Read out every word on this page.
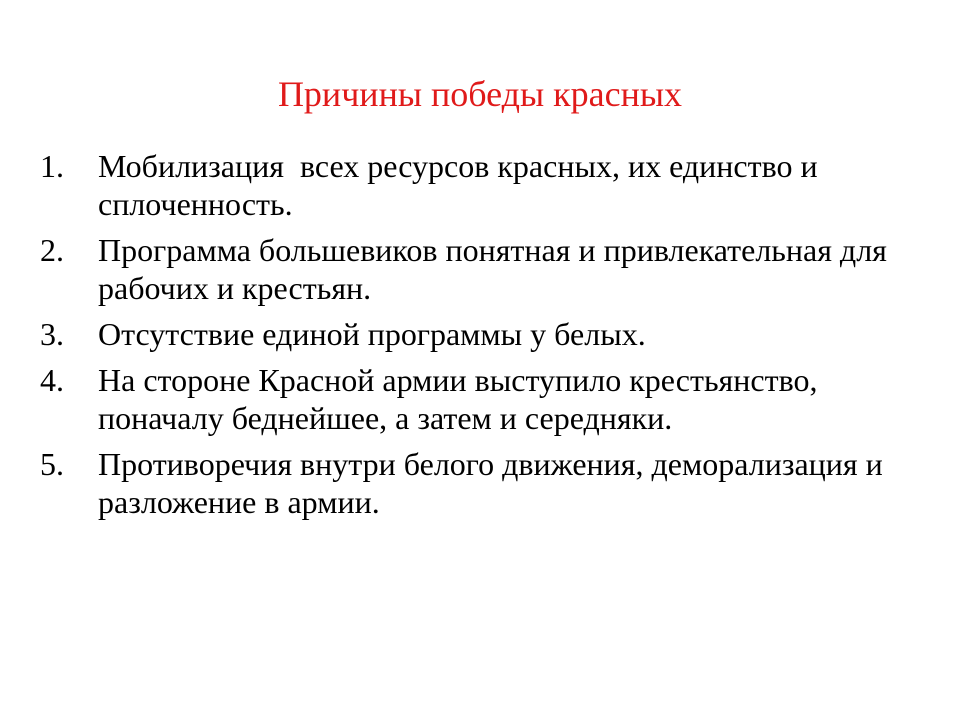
Причины победы красных
1.	Мобилизация  всех ресурсов красных, их единство и сплоченность.
2.	Программа большевиков понятная и привлекательная для рабочих и крестьян.
3.	Отсутствие единой программы у белых.
4.	На стороне Красной армии выступило крестьянство, поначалу беднейшее, а затем и середняки.
5.	Противоречия внутри белого движения, деморализация и разложение в армии.
